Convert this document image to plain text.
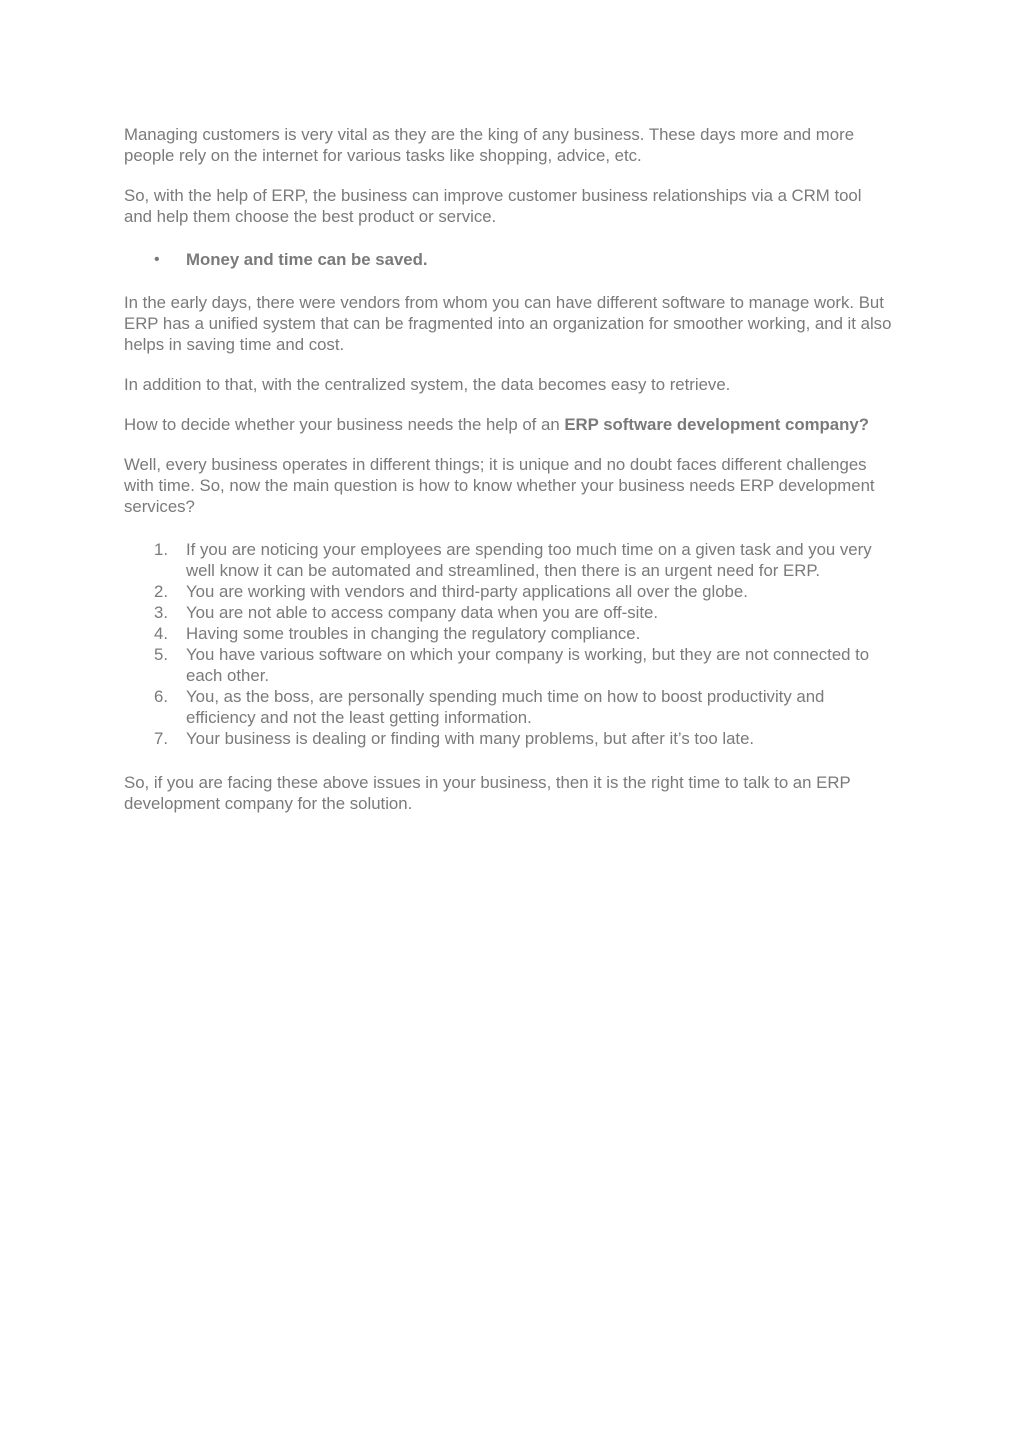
Managing customers is very vital as they are the king of any business. These days more and more people rely on the internet for various tasks like shopping, advice, etc.

So, with the help of ERP, the business can improve customer business relationships via a CRM tool and help them choose the best product or service.

• Money and time can be saved.

In the early days, there were vendors from whom you can have different software to manage work. But ERP has a unified system that can be fragmented into an organization for smoother working, and it also helps in saving time and cost.

In addition to that, with the centralized system, the data becomes easy to retrieve.

How to decide whether your business needs the help of an ERP software development company?

Well, every business operates in different things; it is unique and no doubt faces different challenges with time. So, now the main question is how to know whether your business needs ERP development services?

1. If you are noticing your employees are spending too much time on a given task and you very well know it can be automated and streamlined, then there is an urgent need for ERP.
2. You are working with vendors and third-party applications all over the globe.
3. You are not able to access company data when you are off-site.
4. Having some troubles in changing the regulatory compliance.
5. You have various software on which your company is working, but they are not connected to each other.
6. You, as the boss, are personally spending much time on how to boost productivity and efficiency and not the least getting information.
7. Your business is dealing or finding with many problems, but after it’s too late.

So, if you are facing these above issues in your business, then it is the right time to talk to an ERP development company for the solution.
